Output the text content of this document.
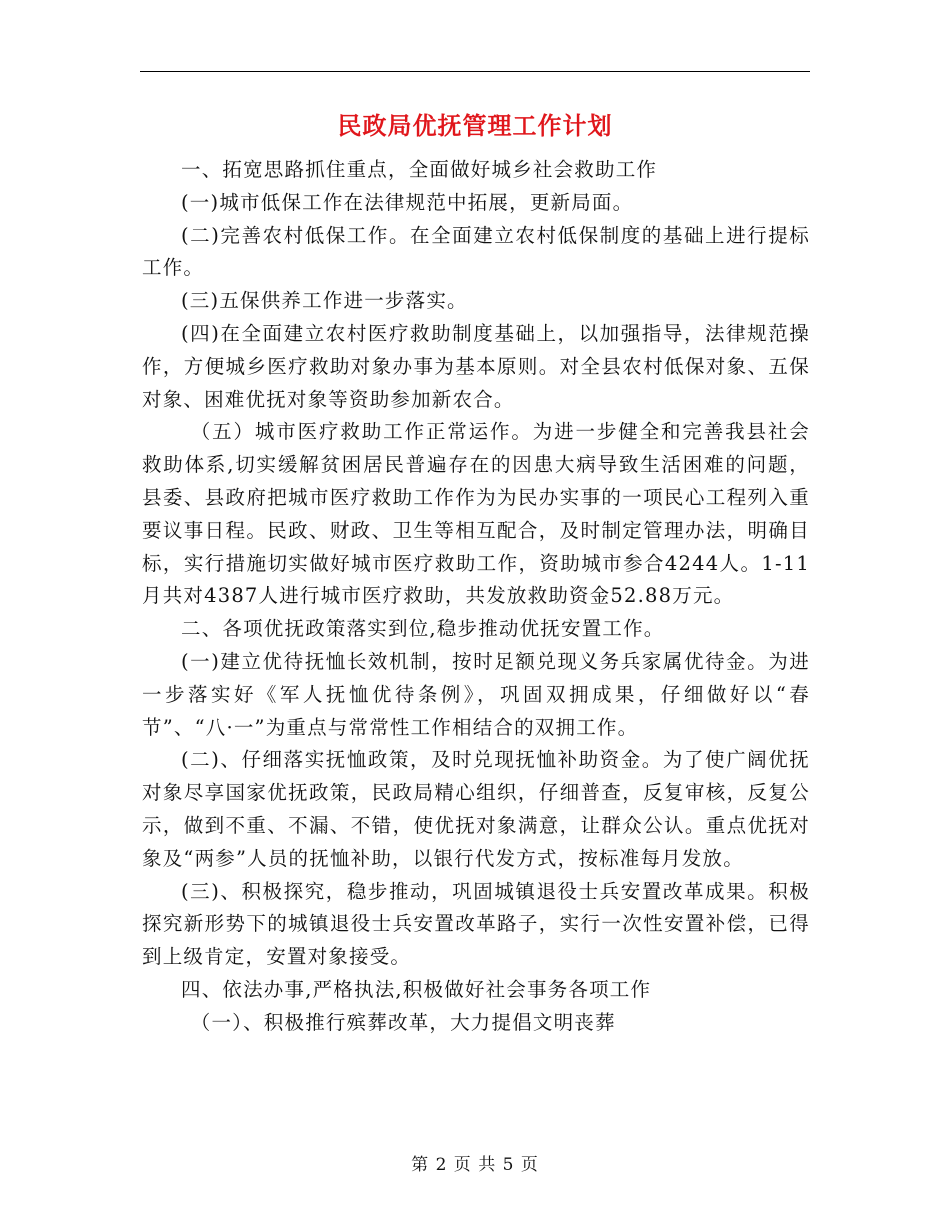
民政局优抚管理工作计划

一、拓宽思路抓住重点，全面做好城乡社会救助工作

(一)城市低保工作在法律规范中拓展，更新局面。

(二)完善农村低保工作。在全面建立农村低保制度的基础上进行提标工作。

(三)五保供养工作进一步落实。

(四)在全面建立农村医疗救助制度基础上，以加强指导，法律规范操作，方便城乡医疗救助对象办事为基本原则。对全县农村低保对象、五保对象、困难优抚对象等资助参加新农合。

（五）城市医疗救助工作正常运作。为进一步健全和完善我县社会救助体系,切实缓解贫困居民普遍存在的因患大病导致生活困难的问题，县委、县政府把城市医疗救助工作作为为民办实事的一项民心工程列入重要议事日程。民政、财政、卫生等相互配合，及时制定管理办法，明确目标，实行措施切实做好城市医疗救助工作，资助城市参合4244人。1-11月共对4387人进行城市医疗救助，共发放救助资金52.88万元。

二、各项优抚政策落实到位,稳步推动优抚安置工作。

(一)建立优待抚恤长效机制，按时足额兑现义务兵家属优待金。为进一步落实好《军人抚恤优待条例》，巩固双拥成果，仔细做好以“春节”、“八·一”为重点与常常性工作相结合的双拥工作。

(二)、仔细落实抚恤政策，及时兑现抚恤补助资金。为了使广阔优抚对象尽享国家优抚政策，民政局精心组织，仔细普查，反复审核，反复公示，做到不重、不漏、不错，使优抚对象满意，让群众公认。重点优抚对象及“两参”人员的抚恤补助，以银行代发方式，按标准每月发放。

(三)、积极探究，稳步推动，巩固城镇退役士兵安置改革成果。积极探究新形势下的城镇退役士兵安置改革路子，实行一次性安置补偿，已得到上级肯定，安置对象接受。

四、依法办事,严格执法,积极做好社会事务各项工作

（一）、积极推行殡葬改革，大力提倡文明丧葬

第 2 页 共 5 页
